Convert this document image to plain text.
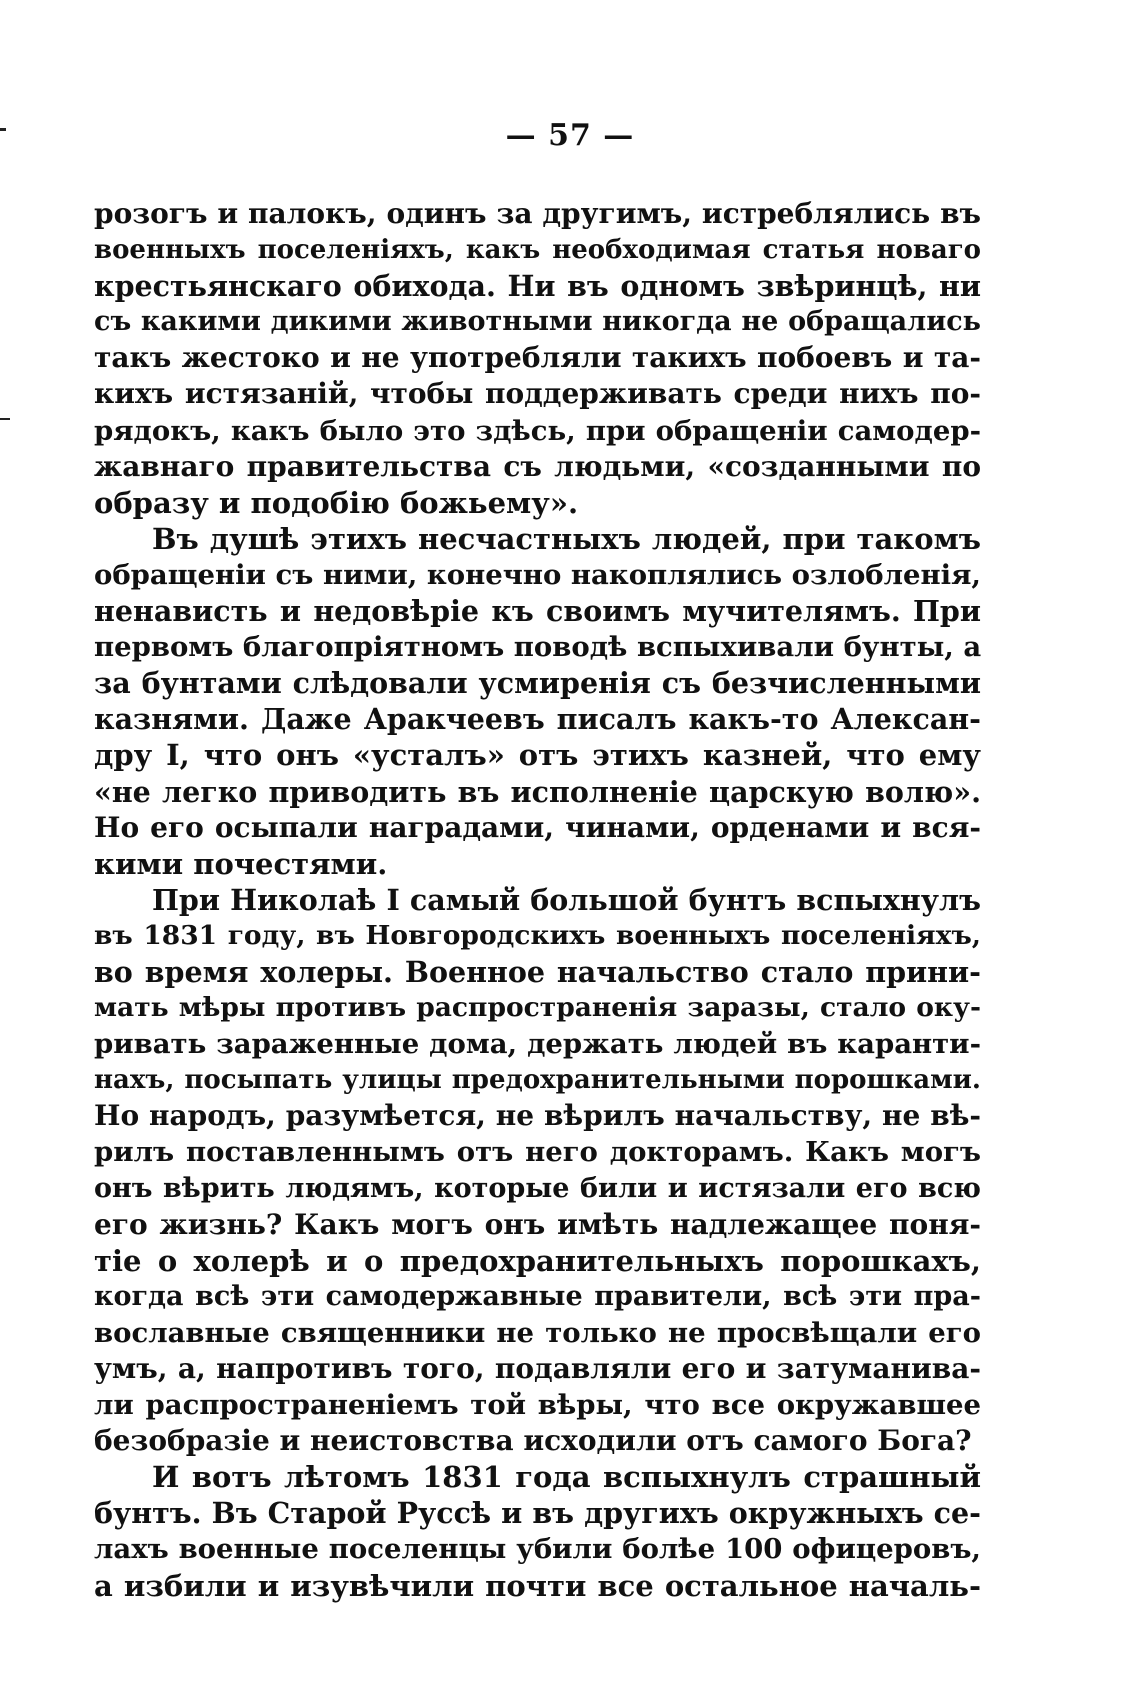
— 57 —
розогъ и палокъ, одинъ за другимъ, истреблялись въ
военныхъ поселеніяхъ, какъ необходимая статья новаго
крестьянскаго обихода. Ни въ одномъ звѣринцѣ, ни
съ какими дикими животными никогда не обращались
такъ жестоко и не употребляли такихъ побоевъ и та-
кихъ истязаній, чтобы поддерживать среди нихъ по-
рядокъ, какъ было это здѣсь, при обращеніи самодер-
жавнаго правительства съ людьми, «созданными по
образу и подобію божьему».
Въ душѣ этихъ несчастныхъ людей, при такомъ
обращеніи съ ними, конечно накоплялись озлобленія,
ненависть и недовѣріе къ своимъ мучителямъ. При
первомъ благопріятномъ поводѣ вспыхивали бунты, а
за бунтами слѣдовали усмиренія съ безчисленными
казнями. Даже Аракчеевъ писалъ какъ-то Алексан-
дру I, что онъ «усталъ» отъ этихъ казней, что ему
«не легко приводить въ исполненіе царскую волю».
Но его осыпали наградами, чинами, орденами и вся-
кими почестями.
При Николаѣ I самый большой бунтъ вспыхнулъ
въ 1831 году, въ Новгородскихъ военныхъ поселеніяхъ,
во время холеры. Военное начальство стало прини-
мать мѣры противъ распространенія заразы, стало оку-
ривать зараженные дома, держать людей въ каранти-
нахъ, посыпать улицы предохранительными порошками.
Но народъ, разумѣется, не вѣрилъ начальству, не вѣ-
рилъ поставленнымъ отъ него докторамъ. Какъ могъ
онъ вѣрить людямъ, которые били и истязали его всю
его жизнь? Какъ могъ онъ имѣть надлежащее поня-
тіе о холерѣ и о предохранительныхъ порошкахъ,
когда всѣ эти самодержавные правители, всѣ эти пра-
вославные священники не только не просвѣщали его
умъ, а, напротивъ того, подавляли его и затуманива-
ли распространеніемъ той вѣры, что все окружавшее
безобразіе и неистовства исходили отъ самого Бога?
И вотъ лѣтомъ 1831 года вспыхнулъ страшный
бунтъ. Въ Старой Руссѣ и въ другихъ окружныхъ се-
лахъ военные поселенцы убили болѣе 100 офицеровъ,
а избили и изувѣчили почти все остальное началь-
